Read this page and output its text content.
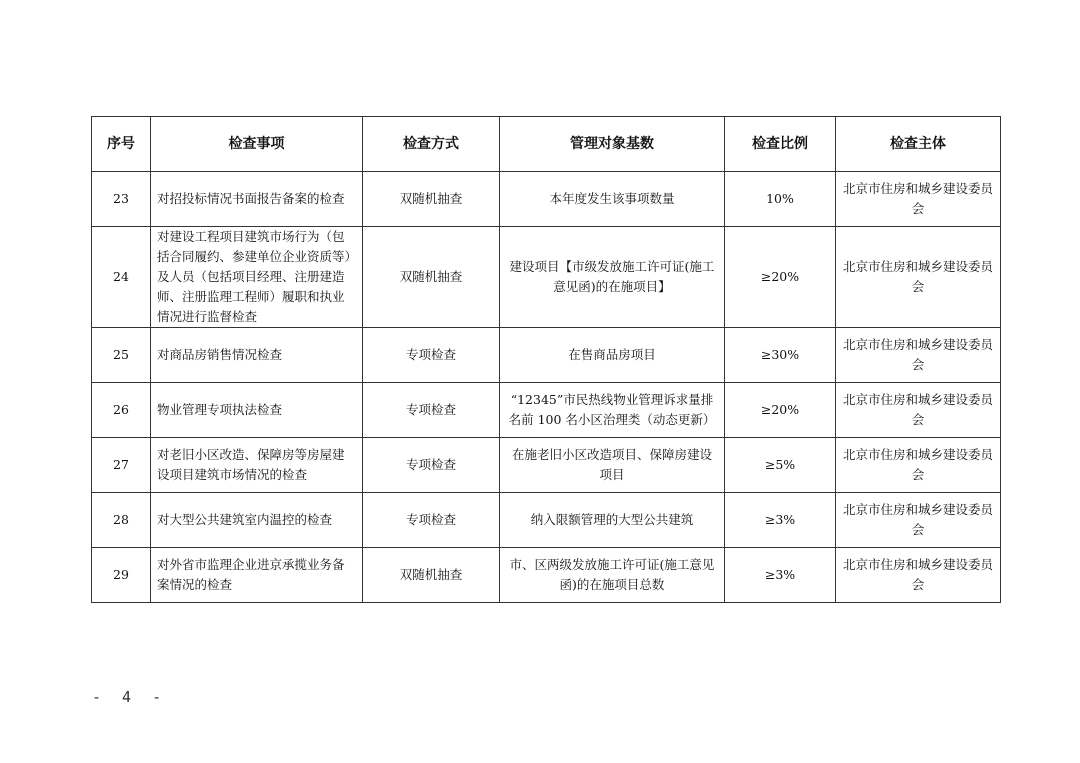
序号	检查事项	检查方式	管理对象基数	检查比例	检查主体
23	对招投标情况书面报告备案的检查	双随机抽查	本年度发生该事项数量	10%	北京市住房和城乡建设委员会
24	对建设工程项目建筑市场行为（包括合同履约、参建单位企业资质等）及人员（包括项目经理、注册建造师、注册监理工程师）履职和执业情况进行监督检查	双随机抽查	建设项目【市级发放施工许可证(施工意见函)的在施项目】	≥20%	北京市住房和城乡建设委员会
25	对商品房销售情况检查	专项检查	在售商品房项目	≥30%	北京市住房和城乡建设委员会
26	物业管理专项执法检查	专项检查	“12345”市民热线物业管理诉求量排名前 100 名小区治理类（动态更新）	≥20%	北京市住房和城乡建设委员会
27	对老旧小区改造、保障房等房屋建设项目建筑市场情况的检查	专项检查	在施老旧小区改造项目、保障房建设项目	≥5%	北京市住房和城乡建设委员会
28	对大型公共建筑室内温控的检查	专项检查	纳入限额管理的大型公共建筑	≥3%	北京市住房和城乡建设委员会
29	对外省市监理企业进京承揽业务备案情况的检查	双随机抽查	市、区两级发放施工许可证(施工意见函)的在施项目总数	≥3%	北京市住房和城乡建设委员会
- 4 -
